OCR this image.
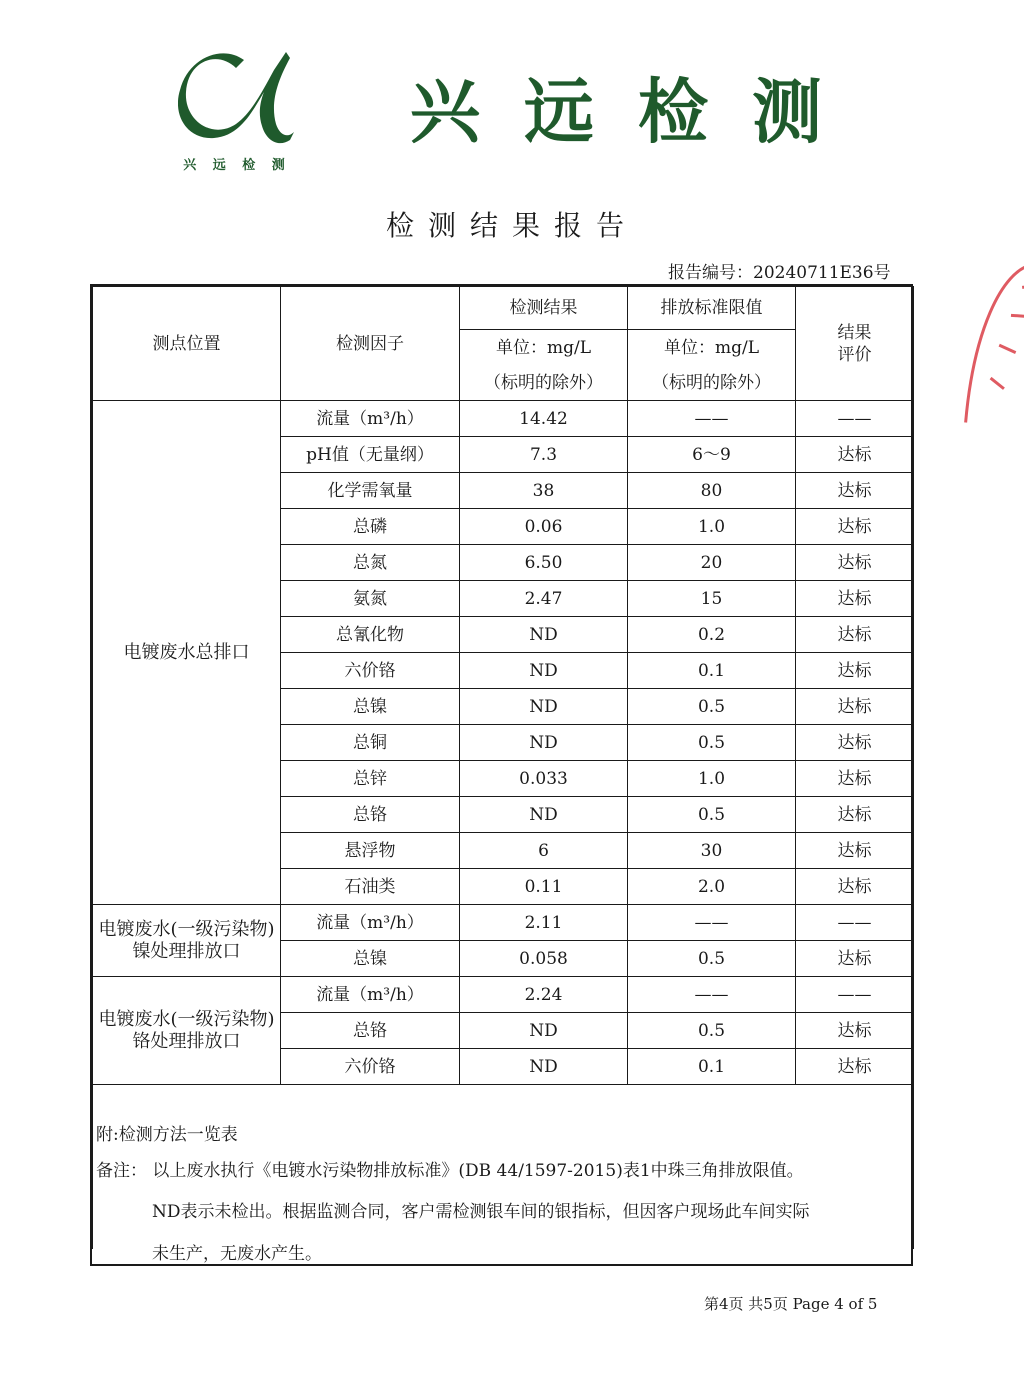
兴 远 检 测
兴远检测
检测结果报告
报告编号：20240711E36号
测点位置	检测因子	检测结果	排放标准限值	结果
评价
		单位：mg/L	单位：mg/L	
		（标明的除外）	（标明的除外）	
电镀废水总排口	流量（m³/h）	14.42	——	——
	pH值（无量纲）	7.3	6～9	达标
	化学需氧量	38	80	达标
	总磷	0.06	1.0	达标
	总氮	6.50	20	达标
	氨氮	2.47	15	达标
	总氰化物	ND	0.2	达标
	六价铬	ND	0.1	达标
	总镍	ND	0.5	达标
	总铜	ND	0.5	达标
	总锌	0.033	1.0	达标
	总铬	ND	0.5	达标
	悬浮物	6	30	达标
	石油类	0.11	2.0	达标
电镀废水(一级污染物)镍处理排放口	流量（m³/h）	2.11	——	——
	总镍	0.058	0.5	达标
电镀废水(一级污染物)铬处理排放口	流量（m³/h）	2.24	——	——
	总铬	ND	0.5	达标
	六价铬	ND	0.1	达标

附:检测方法一览表
备注： 以上废水执行《电镀水污染物排放标准》(DB 44/1597-2015)表1中珠三角排放限值。
ND表示未检出。根据监测合同，客户需检测银车间的银指标，但因客户现场此车间实际
未生产，无废水产生。
第4页 共5页 Page 4 of 5
